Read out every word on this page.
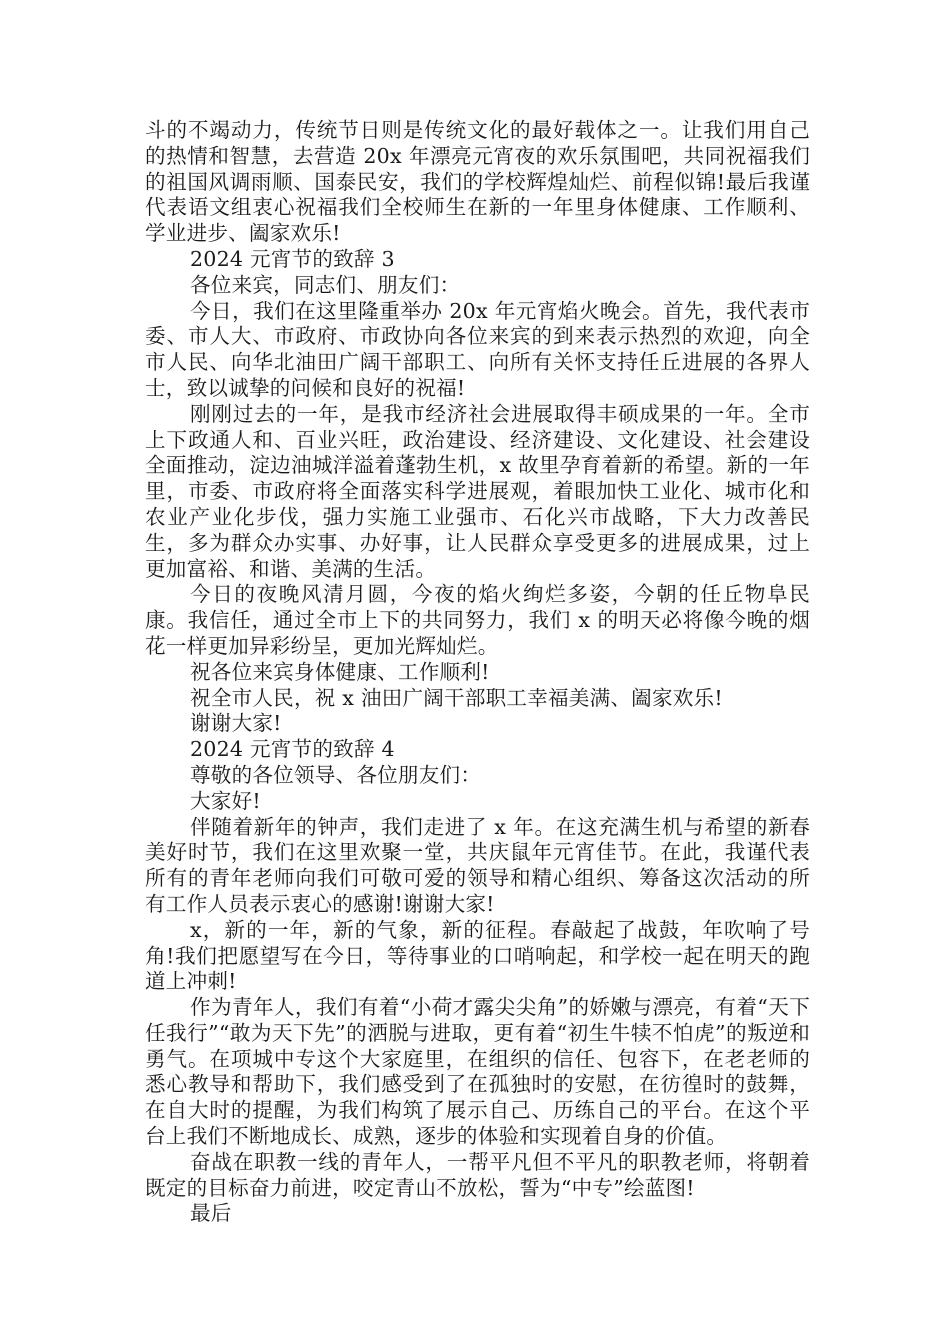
斗的不竭动力，传统节日则是传统文化的最好载体之一。让我们用自己的热情和智慧，去营造 20x 年漂亮元宵夜的欢乐氛围吧，共同祝福我们的祖国风调雨顺、国泰民安，我们的学校辉煌灿烂、前程似锦!最后我谨代表语文组衷心祝福我们全校师生在新的一年里身体健康、工作顺利、学业进步、阖家欢乐!

2024 元宵节的致辞 3

各位来宾，同志们、朋友们：

今日，我们在这里隆重举办 20x 年元宵焰火晚会。首先，我代表市委、市人大、市政府、市政协向各位来宾的到来表示热烈的欢迎，向全市人民、向华北油田广阔干部职工、向所有关怀支持任丘进展的各界人士，致以诚挚的问候和良好的祝福!

刚刚过去的一年，是我市经济社会进展取得丰硕成果的一年。全市上下政通人和、百业兴旺，政治建设、经济建设、文化建设、社会建设全面推动，淀边油城洋溢着蓬勃生机，x 故里孕育着新的希望。新的一年里，市委、市政府将全面落实科学进展观，着眼加快工业化、城市化和农业产业化步伐，强力实施工业强市、石化兴市战略，下大力改善民生，多为群众办实事、办好事，让人民群众享受更多的进展成果，过上更加富裕、和谐、美满的生活。

今日的夜晚风清月圆，今夜的焰火绚烂多姿，今朝的任丘物阜民康。我信任，通过全市上下的共同努力，我们 x 的明天必将像今晚的烟花一样更加异彩纷呈，更加光辉灿烂。

祝各位来宾身体健康、工作顺利!

祝全市人民，祝 x 油田广阔干部职工幸福美满、阖家欢乐!

谢谢大家!

2024 元宵节的致辞 4

尊敬的各位领导、各位朋友们：

大家好!

伴随着新年的钟声，我们走进了 x 年。在这充满生机与希望的新春美好时节，我们在这里欢聚一堂，共庆鼠年元宵佳节。在此，我谨代表所有的青年老师向我们可敬可爱的领导和精心组织、筹备这次活动的所有工作人员表示衷心的感谢!谢谢大家!

x，新的一年，新的气象，新的征程。春敲起了战鼓，年吹响了号角!我们把愿望写在今日，等待事业的口哨响起，和学校一起在明天的跑道上冲刺!

作为青年人，我们有着“小荷才露尖尖角”的娇嫩与漂亮，有着“天下任我行”“敢为天下先”的洒脱与进取，更有着“初生牛犊不怕虎”的叛逆和勇气。在项城中专这个大家庭里，在组织的信任、包容下，在老老师的悉心教导和帮助下，我们感受到了在孤独时的安慰，在彷徨时的鼓舞，在自大时的提醒，为我们构筑了展示自己、历练自己的平台。在这个平台上我们不断地成长、成熟，逐步的体验和实现着自身的价值。

奋战在职教一线的青年人，一帮平凡但不平凡的职教老师，将朝着既定的目标奋力前进，咬定青山不放松，誓为“中专”绘蓝图!

最后
